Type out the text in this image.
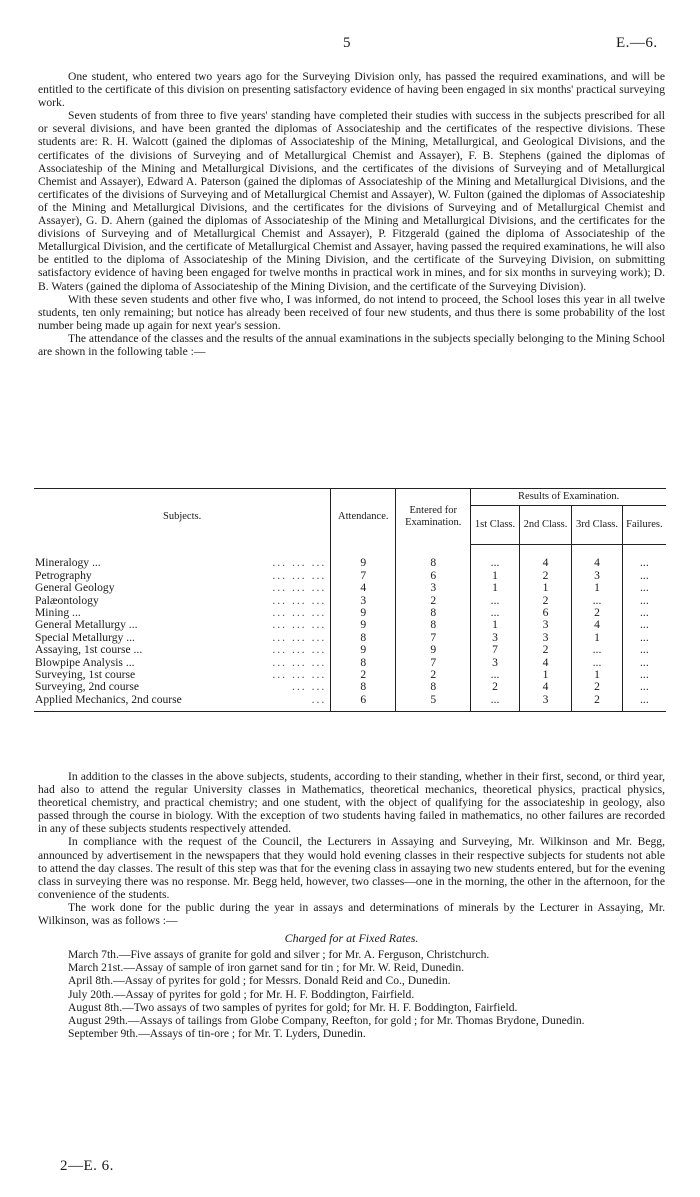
5	E.—6.

One student, who entered two years ago for the Surveying Division only, has passed the required examinations, and will be entitled to the certificate of this division on presenting satisfactory evidence of having been engaged in six months' practical surveying work.

Seven students of from three to five years' standing have completed their studies with success in the subjects prescribed for all or several divisions, and have been granted the diplomas of Associateship and the certificates of the respective divisions. These students are: R. H. Walcott (gained the diplomas of Associateship of the Mining, Metallurgical, and Geological Divisions, and the certificates of the divisions of Surveying and of Metallurgical Chemist and Assayer), F. B. Stephens (gained the diplomas of Associateship of the Mining and Metallurgical Divisions, and the certificates of the divisions of Surveying and of Metallurgical Chemist and Assayer), Edward A. Paterson (gained the diplomas of Associateship of the Mining and Metallurgical Divisions, and the certificates of the divisions of Surveying and of Metallurgical Chemist and Assayer), W. Fulton (gained the diplomas of Associateship of the Mining and Metallurgical Divisions, and the certificates for the divisions of Surveying and of Metallurgical Chemist and Assayer), G. D. Ahern (gained the diplomas of Associateship of the Mining and Metallurgical Divisions, and the certificates for the divisions of Surveying and of Metallurgical Chemist and Assayer), P. Fitzgerald (gained the diploma of Associateship of the Metallurgical Division, and the certificate of Metallurgical Chemist and Assayer, having passed the required examinations, he will also be entitled to the diploma of Associateship of the Mining Division, and the certificate of the Surveying Division, on submitting satisfactory evidence of having been engaged for twelve months in practical work in mines, and for six months in surveying work); D. B. Waters (gained the diploma of Associateship of the Mining Division, and the certificate of the Surveying Division).

With these seven students and other five who, I was informed, do not intend to proceed, the School loses this year in all twelve students, ten only remaining; but notice has already been received of four new students, and thus there is some probability of the lost number being made up again for next year's session.

The attendance of the classes and the results of the annual examinations in the subjects specially belonging to the Mining School are shown in the following table :—

Subjects.		Attendance.	Entered for Examination.	Results of Examination.			
				1st Class.	2nd Class.	3rd Class.	Failures.
Mineralogy ...	... ... ...	9	8	...	4	4	...
Petrography	... ... ...	7	6	1	2	3	...
General Geology	... ... ...	4	3	1	1	1	...
Palæontology	... ... ...	3	2	...	2	...	...
Mining ...	... ... ...	9	8	...	6	2	...
General Metallurgy ...	... ... ...	9	8	1	3	4	...
Special Metallurgy ...	... ... ...	8	7	3	3	1	...
Assaying, 1st course ...	... ... ...	9	9	7	2	...	...
Blowpipe Analysis ...	... ... ...	8	7	3	4	...	...
Surveying, 1st course	... ... ...	2	2	...	1	1	...
Surveying, 2nd course	... ...	8	8	2	4	2	...
Applied Mechanics, 2nd course	...	6	5	...	3	2	...

In addition to the classes in the above subjects, students, according to their standing, whether in their first, second, or third year, had also to attend the regular University classes in Mathematics, theoretical mechanics, theoretical physics, practical physics, theoretical chemistry, and practical chemistry; and one student, with the object of qualifying for the associateship in geology, also passed through the course in biology. With the exception of two students having failed in mathematics, no other failures are recorded in any of these subjects students respectively attended.

In compliance with the request of the Council, the Lecturers in Assaying and Surveying, Mr. Wilkinson and Mr. Begg, announced by advertisement in the newspapers that they would hold evening classes in their respective subjects for students not able to attend the day classes. The result of this step was that for the evening class in assaying two new students entered, but for the evening class in surveying there was no response. Mr. Begg held, however, two classes—one in the morning, the other in the afternoon, for the convenience of the students.

The work done for the public during the year in assays and determinations of minerals by the Lecturer in Assaying, Mr. Wilkinson, was as follows :—

Charged for at Fixed Rates.

March 7th.—Five assays of granite for gold and silver ; for Mr. A. Ferguson, Christchurch.

March 21st.—Assay of sample of iron garnet sand for tin ; for Mr. W. Reid, Dunedin.

April 8th.—Assay of pyrites for gold ; for Messrs. Donald Reid and Co., Dunedin.

July 20th.—Assay of pyrites for gold ; for Mr. H. F. Boddington, Fairfield.

August 8th.—Two assays of two samples of pyrites for gold; for Mr. H. F. Boddington, Fairfield.

August 29th.—Assays of tailings from Globe Company, Reefton, for gold ; for Mr. Thomas Brydone, Dunedin.

September 9th.—Assays of tin-ore ; for Mr. T. Lyders, Dunedin.

2—E. 6.
